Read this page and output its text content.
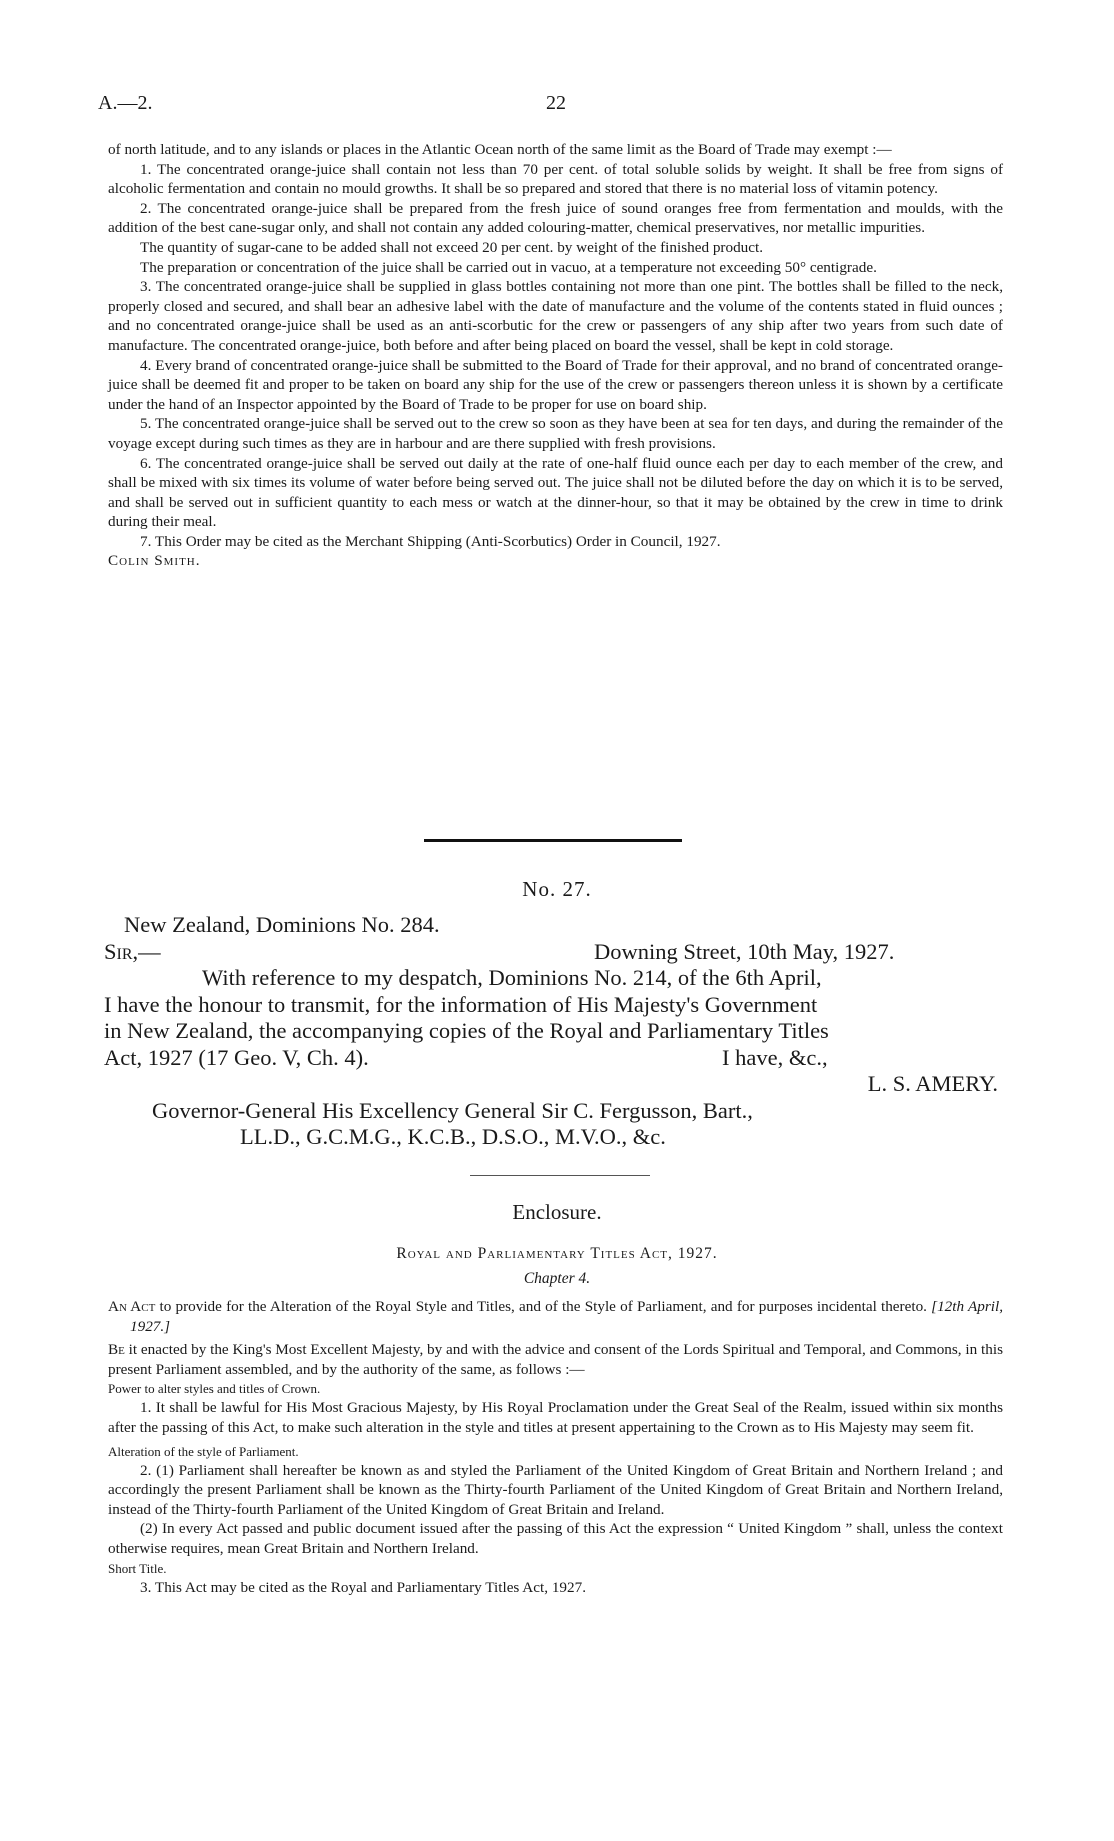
A.—2.	22

of north latitude, and to any islands or places in the Atlantic Ocean north of the same limit as the Board of Trade may exempt :—

1. The concentrated orange-juice shall contain not less than 70 per cent. of total soluble solids by weight. It shall be free from signs of alcoholic fermentation and contain no mould growths. It shall be so prepared and stored that there is no material loss of vitamin potency.

2. The concentrated orange-juice shall be prepared from the fresh juice of sound oranges free from fermentation and moulds, with the addition of the best cane-sugar only, and shall not contain any added colouring-matter, chemical preservatives, nor metallic impurities.

The quantity of sugar-cane to be added shall not exceed 20 per cent. by weight of the finished product.

The preparation or concentration of the juice shall be carried out in vacuo, at a temperature not exceeding 50° centigrade.

3. The concentrated orange-juice shall be supplied in glass bottles containing not more than one pint. The bottles shall be filled to the neck, properly closed and secured, and shall bear an adhesive label with the date of manufacture and the volume of the contents stated in fluid ounces ; and no concentrated orange-juice shall be used as an anti-scorbutic for the crew or passengers of any ship after two years from such date of manufacture. The concentrated orange-juice, both before and after being placed on board the vessel, shall be kept in cold storage.

4. Every brand of concentrated orange-juice shall be submitted to the Board of Trade for their approval, and no brand of concentrated orange-juice shall be deemed fit and proper to be taken on board any ship for the use of the crew or passengers thereon unless it is shown by a certificate under the hand of an Inspector appointed by the Board of Trade to be proper for use on board ship.

5. The concentrated orange-juice shall be served out to the crew so soon as they have been at sea for ten days, and during the remainder of the voyage except during such times as they are in harbour and are there supplied with fresh provisions.

6. The concentrated orange-juice shall be served out daily at the rate of one-half fluid ounce each per day to each member of the crew, and shall be mixed with six times its volume of water before being served out. The juice shall not be diluted before the day on which it is to be served, and shall be served out in sufficient quantity to each mess or watch at the dinner-hour, so that it may be obtained by the crew in time to drink during their meal.

7. This Order may be cited as the Merchant Shipping (Anti-Scorbutics) Order in Council, 1927.

Colin Smith.

No. 27.

New Zealand, Dominions No. 284.

Sir,—	Downing Street, 10th May, 1927.

With reference to my despatch, Dominions No. 214, of the 6th April,

I have the honour to transmit, for the information of His Majesty's Government

in New Zealand, the accompanying copies of the Royal and Parliamentary Titles

Act, 1927 (17 Geo. V, Ch. 4).	I have, &c.,

L. S. AMERY.

Governor-General His Excellency General Sir C. Fergusson, Bart.,

LL.D., G.C.M.G., K.C.B., D.S.O., M.V.O., &c.

Enclosure.
Royal and Parliamentary Titles Act, 1927.
Chapter 4.

An Act to provide for the Alteration of the Royal Style and Titles, and of the Style of Parliament, and for purposes incidental thereto. [12th April, 1927.]

Be it enacted by the King's Most Excellent Majesty, by and with the advice and consent of the Lords Spiritual and Temporal, and Commons, in this present Parliament assembled, and by the authority of the same, as follows :—

Power to alter styles and titles of Crown.

1. It shall be lawful for His Most Gracious Majesty, by His Royal Proclamation under the Great Seal of the Realm, issued within six months after the passing of this Act, to make such alteration in the style and titles at present appertaining to the Crown as to His Majesty may seem fit.

Alteration of the style of Parliament.

2. (1) Parliament shall hereafter be known as and styled the Parliament of the United Kingdom of Great Britain and Northern Ireland ; and accordingly the present Parliament shall be known as the Thirty-fourth Parliament of the United Kingdom of Great Britain and Northern Ireland, instead of the Thirty-fourth Parliament of the United Kingdom of Great Britain and Ireland.

(2) In every Act passed and public document issued after the passing of this Act the expression “ United Kingdom ” shall, unless the context otherwise requires, mean Great Britain and Northern Ireland.

Short Title.

3. This Act may be cited as the Royal and Parliamentary Titles Act, 1927.
